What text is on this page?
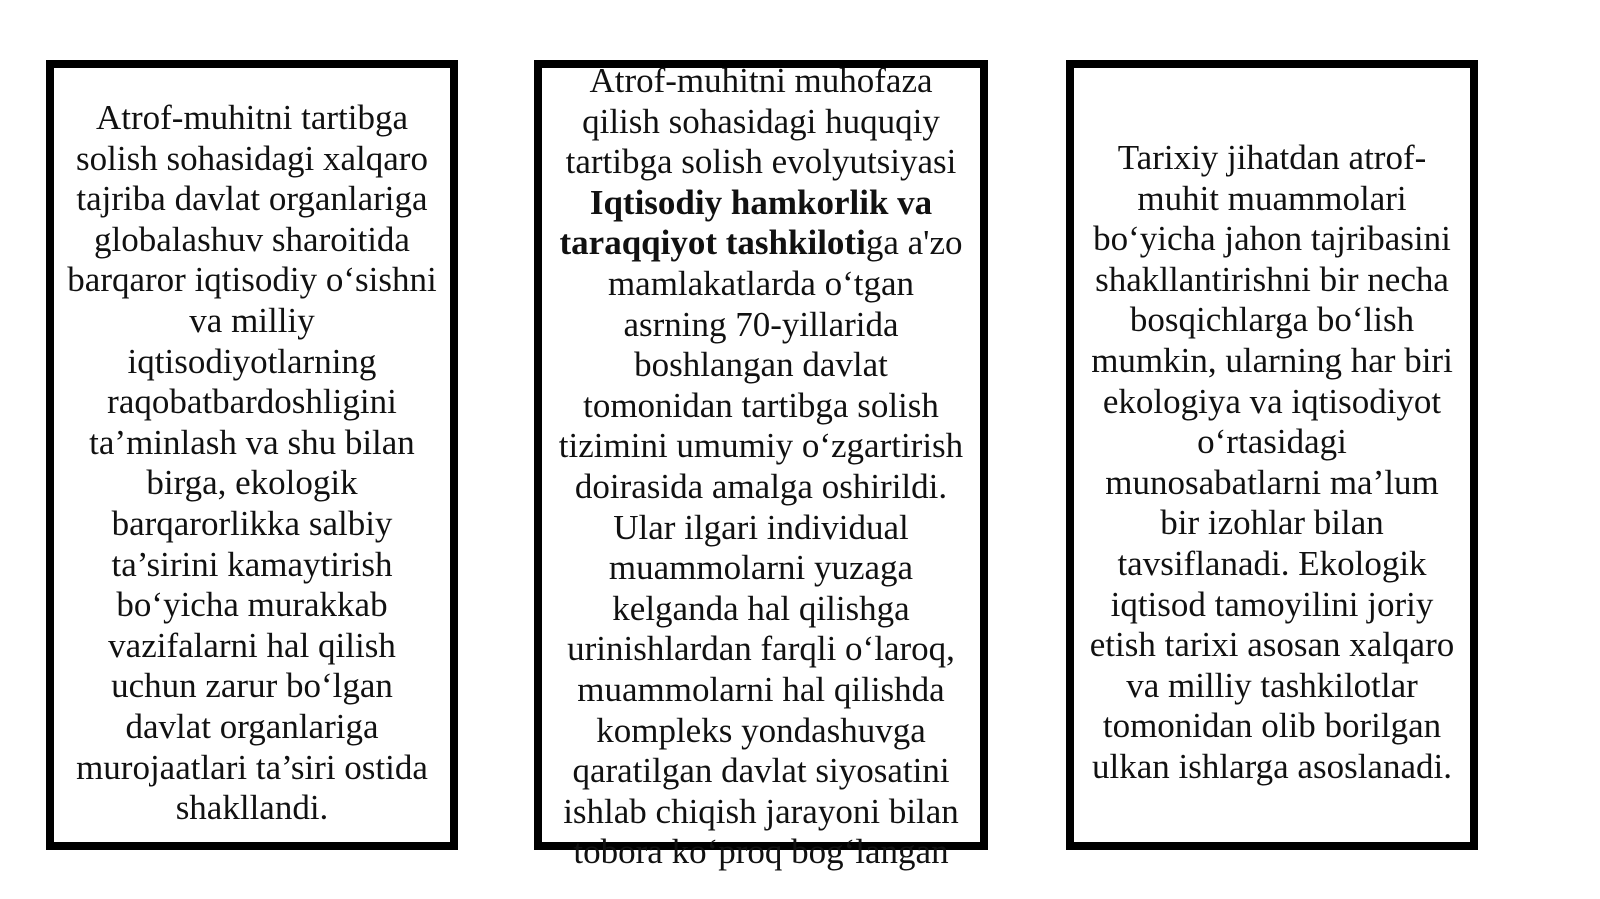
Atrof-muhitni tartibga
solish sohasidagi xalqaro
tajriba davlat organlariga
globalashuv sharoitida
barqaror iqtisodiy o‘sishni
va milliy
iqtisodiyotlarning
raqobatbardoshligini
ta’minlash va shu bilan
birga, ekologik
barqarorlikka salbiy
ta’sirini kamaytirish
bo‘yicha murakkab
vazifalarni hal qilish
uchun zarur bo‘lgan
davlat organlariga
murojaatlari ta’siri ostida
shakllandi.
Atrof-muhitni muhofaza
qilish sohasidagi huquqiy
tartibga solish evolyutsiyasi
Iqtisodiy hamkorlik va
taraqqiyot tashkilotiga a'zo
mamlakatlarda o‘tgan
asrning 70-yillarida
boshlangan davlat
tomonidan tartibga solish
tizimini umumiy o‘zgartirish
doirasida amalga oshirildi.
Ular ilgari individual
muammolarni yuzaga
kelganda hal qilishga
urinishlardan farqli o‘laroq,
muammolarni hal qilishda
kompleks yondashuvga
qaratilgan davlat siyosatini
ishlab chiqish jarayoni bilan
tobora ko‘proq bog‘langan
Tarixiy jihatdan atrof-
muhit muammolari
bo‘yicha jahon tajribasini
shakllantirishni bir necha
bosqichlarga bo‘lish
mumkin, ularning har biri
ekologiya va iqtisodiyot
o‘rtasidagi
munosabatlarni ma’lum
bir izohlar bilan
tavsiflanadi. Ekologik
iqtisod tamoyilini joriy
etish tarixi asosan xalqaro
va milliy tashkilotlar
tomonidan olib borilgan
ulkan ishlarga asoslanadi.
